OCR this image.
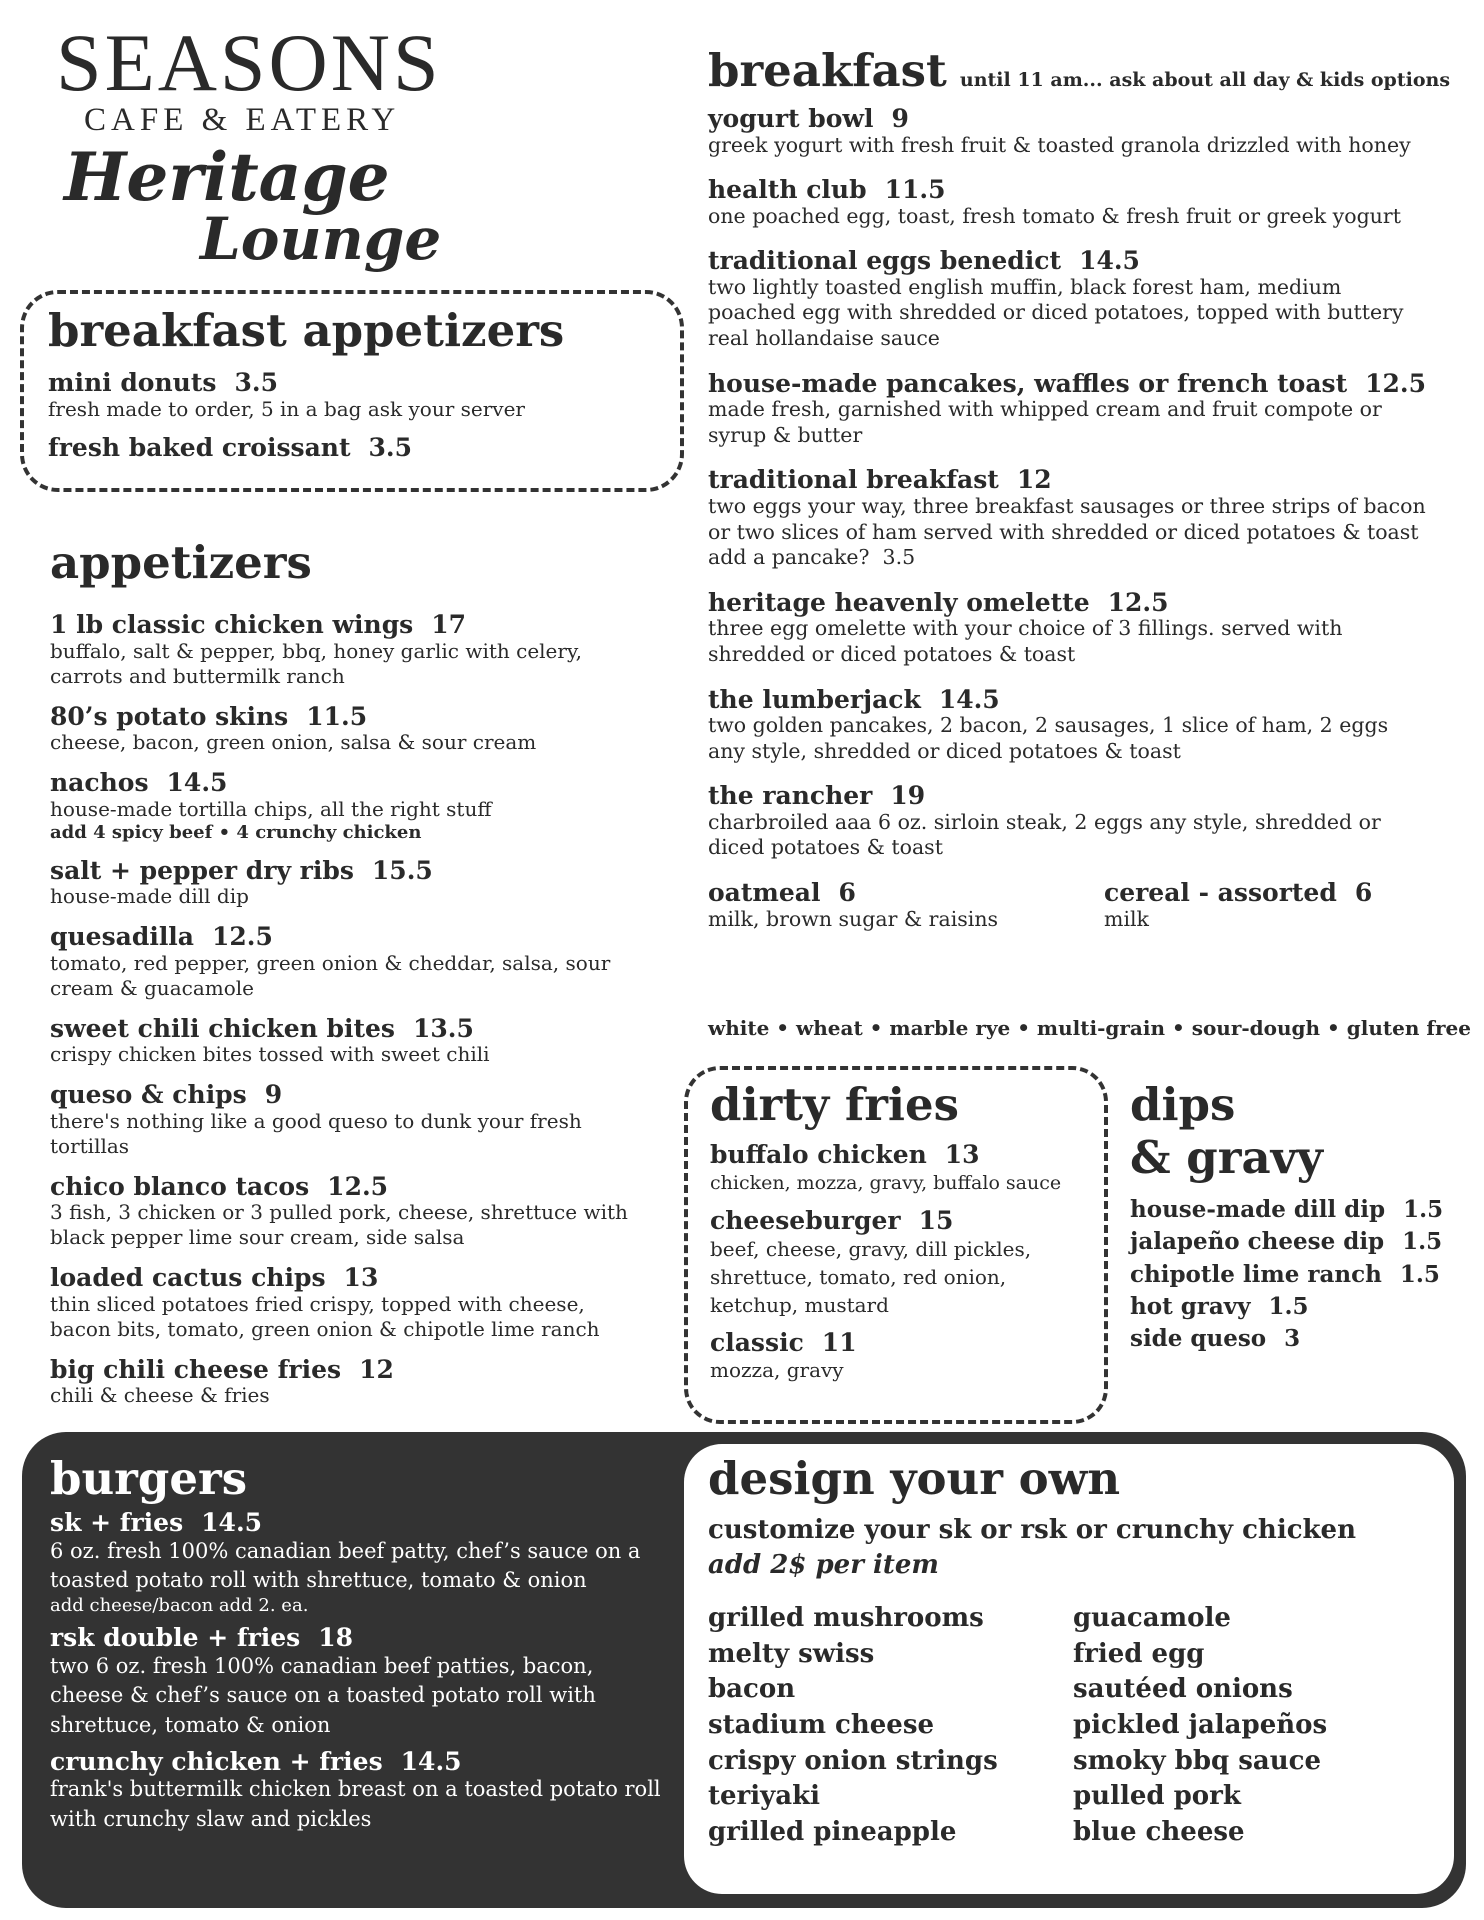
SEASONS
CAFE & EATERY
Heritage
Lounge
breakfast appetizers
mini donuts 3.5
fresh made to order, 5 in a bag ask your server
fresh baked croissant 3.5
appetizers
1 lb classic chicken wings 17
buffalo, salt & pepper, bbq, honey garlic with celery, carrots and buttermilk ranch
80’s potato skins 11.5
cheese, bacon, green onion, salsa & sour cream
nachos 14.5
house-made tortilla chips, all the right stuff
add 4 spicy beef • 4 crunchy chicken
salt + pepper dry ribs 15.5
house-made dill dip
quesadilla 12.5
tomato, red pepper, green onion & cheddar, salsa, sour cream & guacamole
sweet chili chicken bites 13.5
crispy chicken bites tossed with sweet chili
queso & chips 9
there's nothing like a good queso to dunk your fresh tortillas
chico blanco tacos 12.5
3 fish, 3 chicken or 3 pulled pork, cheese, shrettuce with black pepper lime sour cream, side salsa
loaded cactus chips 13
thin sliced potatoes fried crispy, topped with cheese, bacon bits, tomato, green onion & chipotle lime ranch
big chili cheese fries 12
chili & cheese & fries
breakfast until 11 am... ask about all day & kids options
yogurt bowl 9
greek yogurt with fresh fruit & toasted granola drizzled with honey
health club 11.5
one poached egg, toast, fresh tomato & fresh fruit or greek yogurt
traditional eggs benedict 14.5
two lightly toasted english muffin, black forest ham, medium poached egg with shredded or diced potatoes, topped with buttery real hollandaise sauce
house-made pancakes, waffles or french toast 12.5
made fresh, garnished with whipped cream and fruit compote or syrup & butter
traditional breakfast 12
two eggs your way, three breakfast sausages or three strips of bacon or two slices of ham served with shredded or diced potatoes & toast   add a pancake?  3.5
heritage heavenly omelette 12.5
three egg omelette with your choice of 3 fillings. served with shredded or diced potatoes & toast
the lumberjack 14.5
two golden pancakes, 2 bacon, 2 sausages, 1 slice of ham, 2 eggs any style, shredded or diced potatoes & toast
the rancher 19
charbroiled aaa 6 oz. sirloin steak, 2 eggs any style, shredded or diced potatoes & toast
oatmeal 6
milk, brown sugar & raisins
cereal - assorted 6
milk
white • wheat • marble rye • multi-grain • sour-dough • gluten free
dirty fries
buffalo chicken 13
chicken, mozza, gravy, buffalo sauce
cheeseburger 15
beef, cheese, gravy, dill pickles, shrettuce, tomato, red onion, ketchup, mustard
classic 11
mozza, gravy
dips
& gravy
house-made dill dip 1.5
jalapeño cheese dip 1.5
chipotle lime ranch 1.5
hot gravy 1.5
side queso 3
burgers
sk + fries 14.5
6 oz. fresh 100% canadian beef patty, chef’s sauce on a toasted potato roll with shrettuce, tomato & onion
add cheese/bacon add 2. ea.
rsk double + fries 18
two 6 oz. fresh 100% canadian beef patties, bacon, cheese & chef’s sauce on a toasted potato roll with shrettuce, tomato & onion
crunchy chicken + fries 14.5
frank's buttermilk chicken breast on a toasted potato roll with crunchy slaw and pickles
design your own
customize your sk or rsk or crunchy chicken
add 2$ per item
grilled mushrooms
melty swiss
bacon
stadium cheese
crispy onion strings
teriyaki
grilled pineapple
guacamole
fried egg
sautéed onions
pickled jalapeños
smoky bbq sauce
pulled pork
blue cheese
